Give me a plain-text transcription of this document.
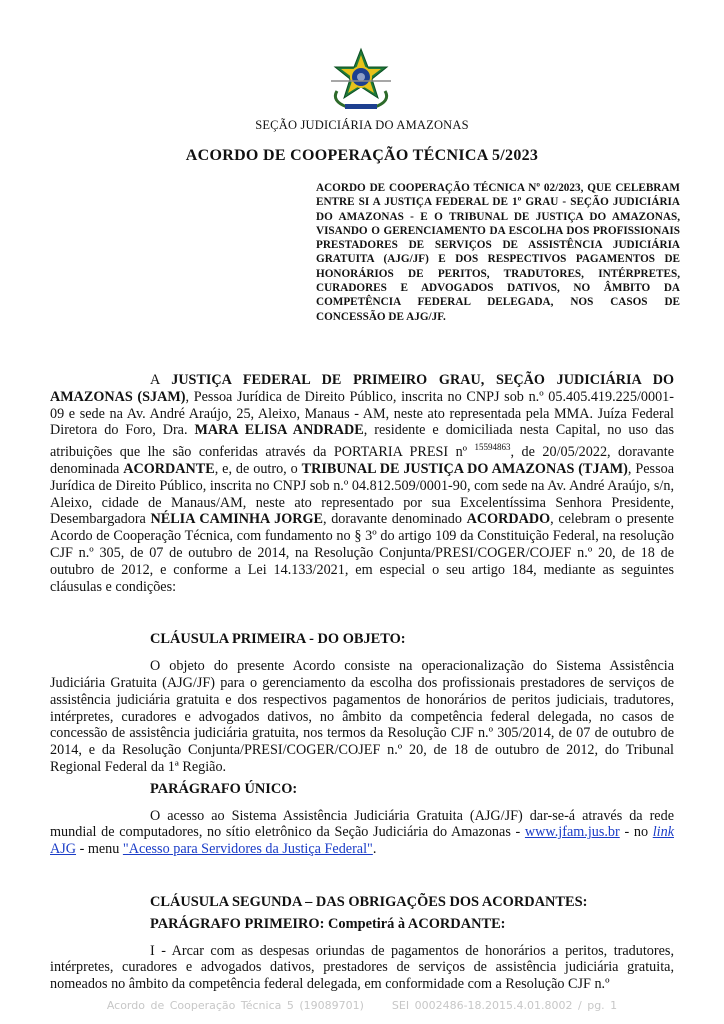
SEÇÃO JUDICIÁRIA DO AMAZONAS
ACORDO DE COOPERAÇÃO TÉCNICA 5/2023
ACORDO DE COOPERAÇÃO TÉCNICA Nº 02/2023, QUE CELEBRAM ENTRE SI A JUSTIÇA FEDERAL DE 1º GRAU - SEÇÃO JUDICIÁRIA DO AMAZONAS - E O TRIBUNAL DE JUSTIÇA DO AMAZONAS, VISANDO O GERENCIAMENTO DA ESCOLHA DOS PROFISSIONAIS PRESTADORES DE SERVIÇOS DE ASSISTÊNCIA JUDICIÁRIA GRATUITA (AJG/JF) E DOS RESPECTIVOS PAGAMENTOS DE HONORÁRIOS DE PERITOS, TRADUTORES, INTÉRPRETES, CURADORES E ADVOGADOS DATIVOS, NO ÂMBITO DA COMPETÊNCIA FEDERAL DELEGADA, NOS CASOS DE CONCESSÃO DE AJG/JF.

A JUSTIÇA FEDERAL DE PRIMEIRO GRAU, SEÇÃO JUDICIÁRIA DO AMAZONAS (SJAM), Pessoa Jurídica de Direito Público, inscrita no CNPJ sob n.º 05.405.419.225/0001-09 e sede na Av. André Araújo, 25, Aleixo, Manaus - AM, neste ato representada pela MMA. Juíza Federal Diretora do Foro, Dra. MARA ELISA ANDRADE, residente e domiciliada nesta Capital, no uso das atribuições que lhe são conferidas através da PORTARIA PRESI nº $^{15594863}$, de 20/05/2022, doravante denominada ACORDANTE, e, de outro, o TRIBUNAL DE JUSTIÇA DO AMAZONAS (TJAM), Pessoa Jurídica de Direito Público, inscrita no CNPJ sob n.º 04.812.509/0001-90, com sede na Av. André Araújo, s/n, Aleixo, cidade de Manaus/AM, neste ato representado por sua Excelentíssima Senhora Presidente, Desembargadora NÉLIA CAMINHA JORGE, doravante denominado ACORDADO, celebram o presente Acordo de Cooperação Técnica, com fundamento no § 3º do artigo 109 da Constituição Federal, na resolução CJF n.º 305, de 07 de outubro de 2014, na Resolução Conjunta/PRESI/COGER/COJEF n.º 20, de 18 de outubro de 2012, e conforme a Lei 14.133/2021, em especial o seu artigo 184, mediante as seguintes cláusulas e condições:

CLÁUSULA PRIMEIRA - DO OBJETO:

O objeto do presente Acordo consiste na operacionalização do Sistema Assistência Judiciária Gratuita (AJG/JF) para o gerenciamento da escolha dos profissionais prestadores de serviços de assistência judiciária gratuita e dos respectivos pagamentos de honorários de peritos judiciais, tradutores, intérpretes, curadores e advogados dativos, no âmbito da competência federal delegada, no casos de concessão de assistência judiciária gratuita, nos termos da Resolução CJF n.º 305/2014, de 07 de outubro de 2014, e da Resolução Conjunta/PRESI/COGER/COJEF n.º 20, de 18 de outubro de 2012, do Tribunal Regional Federal da 1ª Região.

PARÁGRAFO ÚNICO:

O acesso ao Sistema Assistência Judiciária Gratuita (AJG/JF) dar-se-á através da rede mundial de computadores, no sítio eletrônico da Seção Judiciária do Amazonas - www.jfam.jus.br - no link AJG - menu "Acesso para Servidores da Justiça Federal".

CLÁUSULA SEGUNDA – DAS OBRIGAÇÕES DOS ACORDANTES:

PARÁGRAFO PRIMEIRO: Competirá à ACORDANTE:

I - Arcar com as despesas oriundas de pagamentos de honorários a peritos, tradutores, intérpretes, curadores e advogados dativos, prestadores de serviços de assistência judiciária gratuita, nomeados no âmbito da competência federal delegada, em conformidade com a Resolução CJF n.º

Acordo de Cooperação Técnica 5 (19089701)	SEI 0002486-18.2015.4.01.8002 / pg. 1
